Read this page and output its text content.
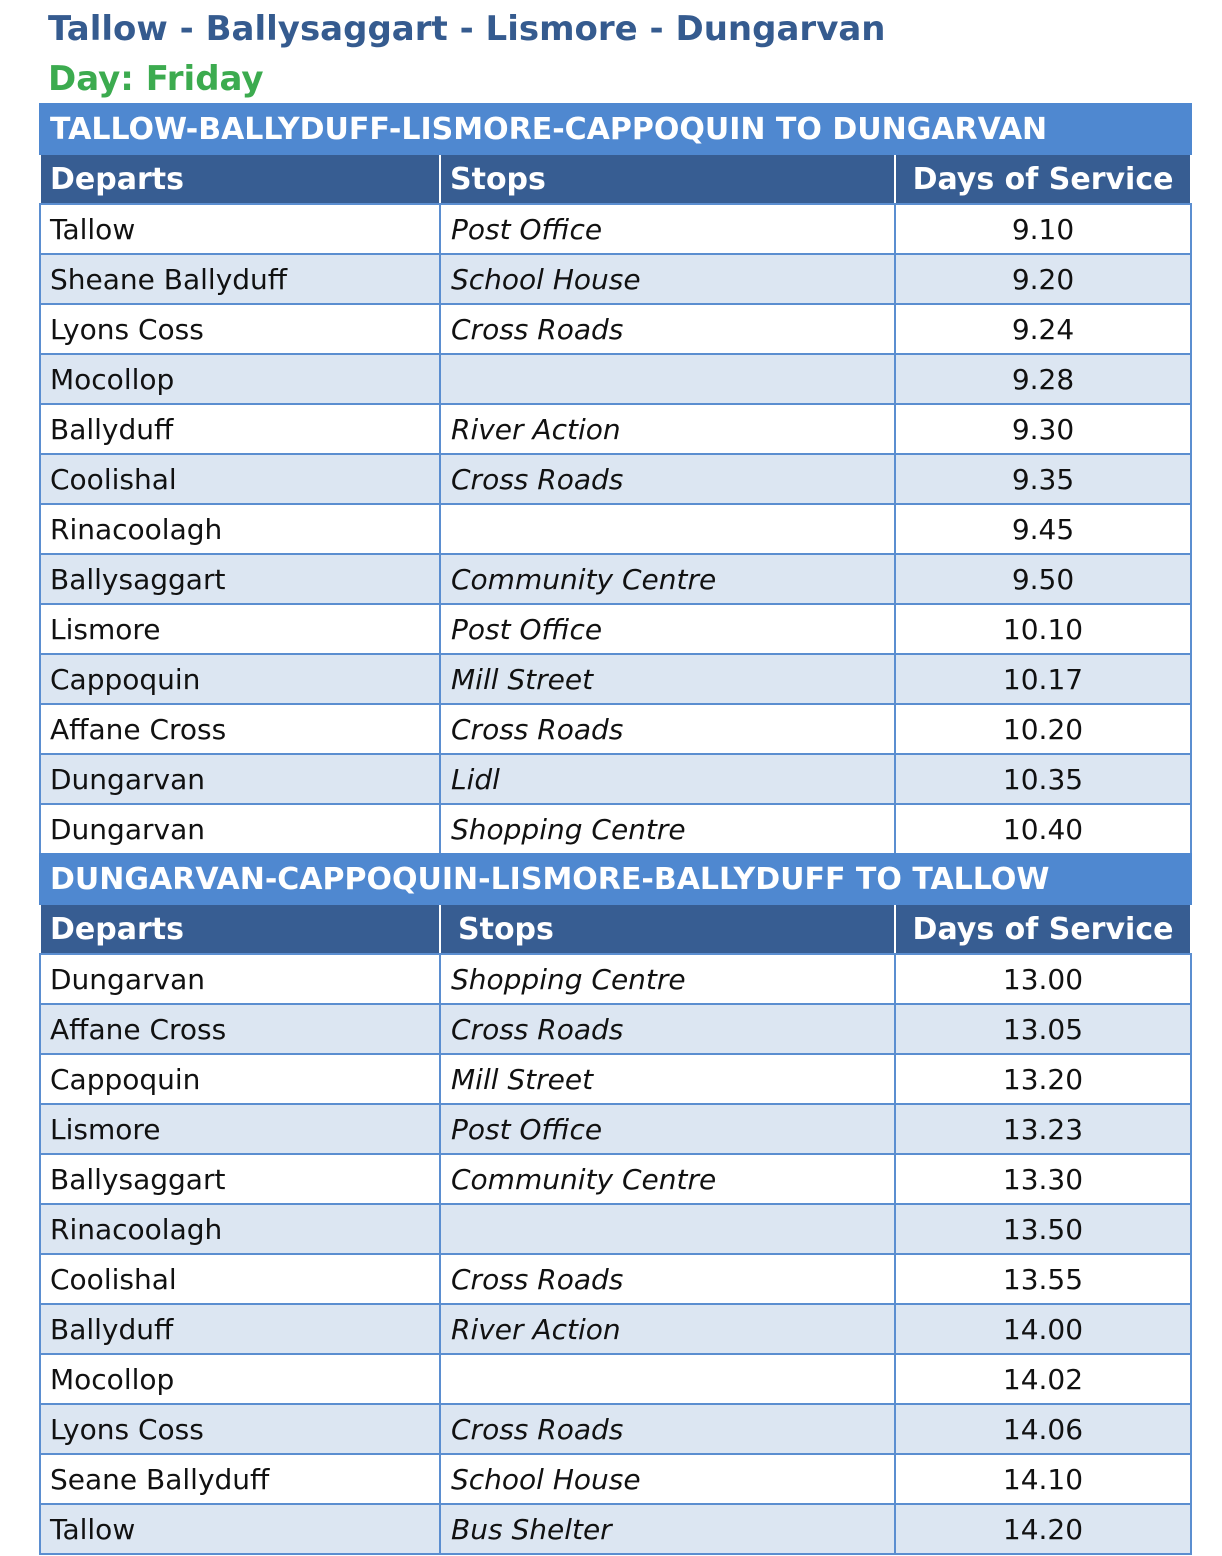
Tallow - Ballysaggart - Lismore - Dungarvan
Day: Friday
TALLOW-BALLYDUFF-LISMORE-CAPPOQUIN TO DUNGARVAN		
Departs	Stops	Days of Service
Tallow	Post Office	9.10
Sheane Ballyduff	School House	9.20
Lyons Coss	Cross Roads	9.24
Mocollop		9.28
Ballyduff	River Action	9.30
Coolishal	Cross Roads	9.35
Rinacoolagh		9.45
Ballysaggart	Community Centre	9.50
Lismore	Post Office	10.10
Cappoquin	Mill Street	10.17
Affane Cross	Cross Roads	10.20
Dungarvan	Lidl	10.35
Dungarvan	Shopping Centre	10.40
DUNGARVAN-CAPPOQUIN-LISMORE-BALLYDUFF TO TALLOW		
Departs	Stops	Days of Service
Dungarvan	Shopping Centre	13.00
Affane Cross	Cross Roads	13.05
Cappoquin	Mill Street	13.20
Lismore	Post Office	13.23
Ballysaggart	Community Centre	13.30
Rinacoolagh		13.50
Coolishal	Cross Roads	13.55
Ballyduff	River Action	14.00
Mocollop		14.02
Lyons Coss	Cross Roads	14.06
Seane Ballyduff	School House	14.10
Tallow	Bus Shelter	14.20
